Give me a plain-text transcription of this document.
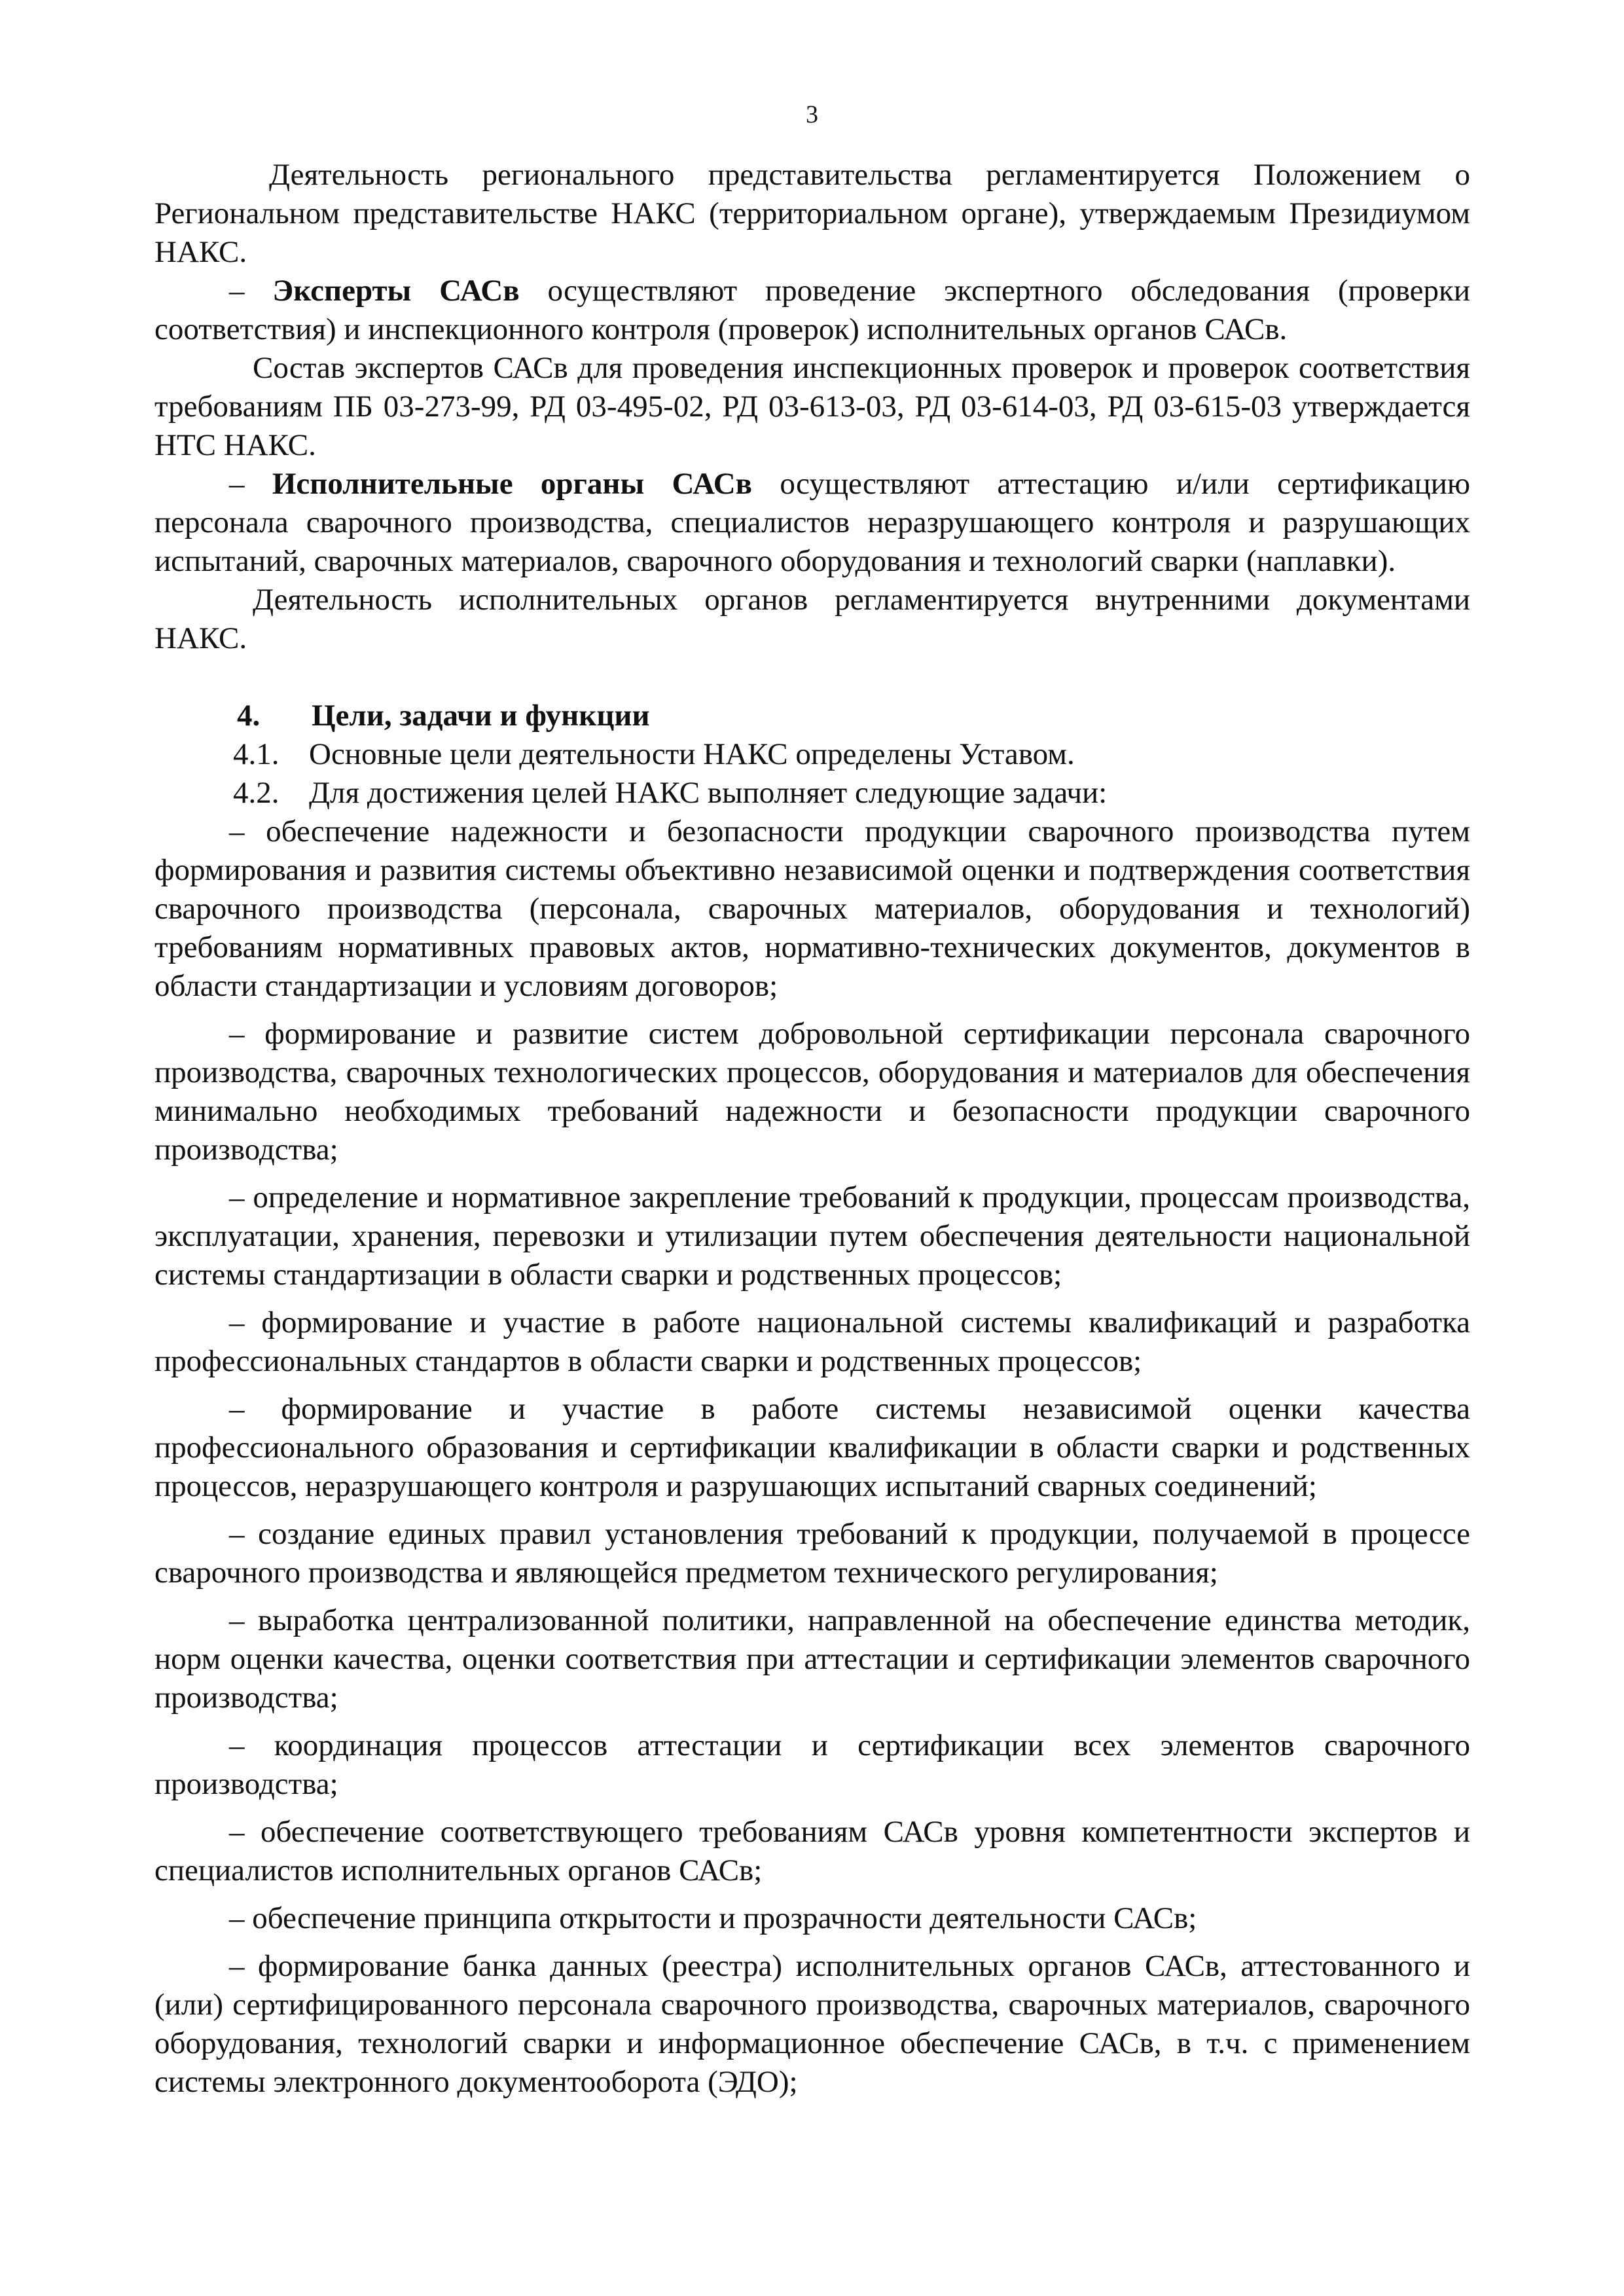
3

Деятельность регионального представительства регламентируется Положением о Региональном представительстве НАКС (территориальном органе), утверждаемым Президиумом НАКС.

– Эксперты САСв осуществляют проведение экспертного обследования (проверки соответствия) и инспекционного контроля (проверок) исполнительных органов САСв.

Состав экспертов САСв для проведения инспекционных проверок и проверок соответствия требованиям ПБ 03-273-99, РД 03-495-02, РД 03-613-03, РД 03-614-03, РД 03-615-03 утверждается НТС НАКС.

– Исполнительные органы САСв осуществляют аттестацию и/или сертификацию персонала сварочного производства, специалистов неразрушающего контроля и разрушающих испытаний, сварочных материалов, сварочного оборудования и технологий сварки (наплавки).

Деятельность исполнительных органов регламентируется внутренними документами НАКС.

4. Цели, задачи и функции

4.1. Основные цели деятельности НАКС определены Уставом.

4.2. Для достижения целей НАКС выполняет следующие задачи:

– обеспечение надежности и безопасности продукции сварочного производства путем формирования и развития системы объективно независимой оценки и подтверждения соответствия сварочного производства (персонала, сварочных материалов, оборудования и технологий) требованиям нормативных правовых актов, нормативно-технических документов, документов в области стандартизации и условиям договоров;

– формирование и развитие систем добровольной сертификации персонала сварочного производства, сварочных технологических процессов, оборудования и материалов для обеспечения минимально необходимых требований надежности и безопасности продукции сварочного производства;

– определение и нормативное закрепление требований к продукции, процессам производства, эксплуатации, хранения, перевозки и утилизации путем обеспечения деятельности национальной системы стандартизации в области сварки и родственных процессов;

– формирование и участие в работе национальной системы квалификаций и разработка профессиональных стандартов в области сварки и родственных процессов;

– формирование и участие в работе системы независимой оценки качества профессионального образования и сертификации квалификации в области сварки и родственных процессов, неразрушающего контроля и разрушающих испытаний сварных соединений;

– создание единых правил установления требований к продукции, получаемой в процессе сварочного производства и являющейся предметом технического регулирования;

– выработка централизованной политики, направленной на обеспечение единства методик, норм оценки качества, оценки соответствия при аттестации и сертификации элементов сварочного производства;

– координация процессов аттестации и сертификации всех элементов сварочного производства;

– обеспечение соответствующего требованиям САСв уровня компетентности экспертов и специалистов исполнительных органов САСв;

– обеспечение принципа открытости и прозрачности деятельности САСв;

– формирование банка данных (реестра) исполнительных органов САСв, аттестованного и (или) сертифицированного персонала сварочного производства, сварочных материалов, сварочного оборудования, технологий сварки и информационное обеспечение САСв, в т.ч. с применением системы электронного документооборота (ЭДО);
